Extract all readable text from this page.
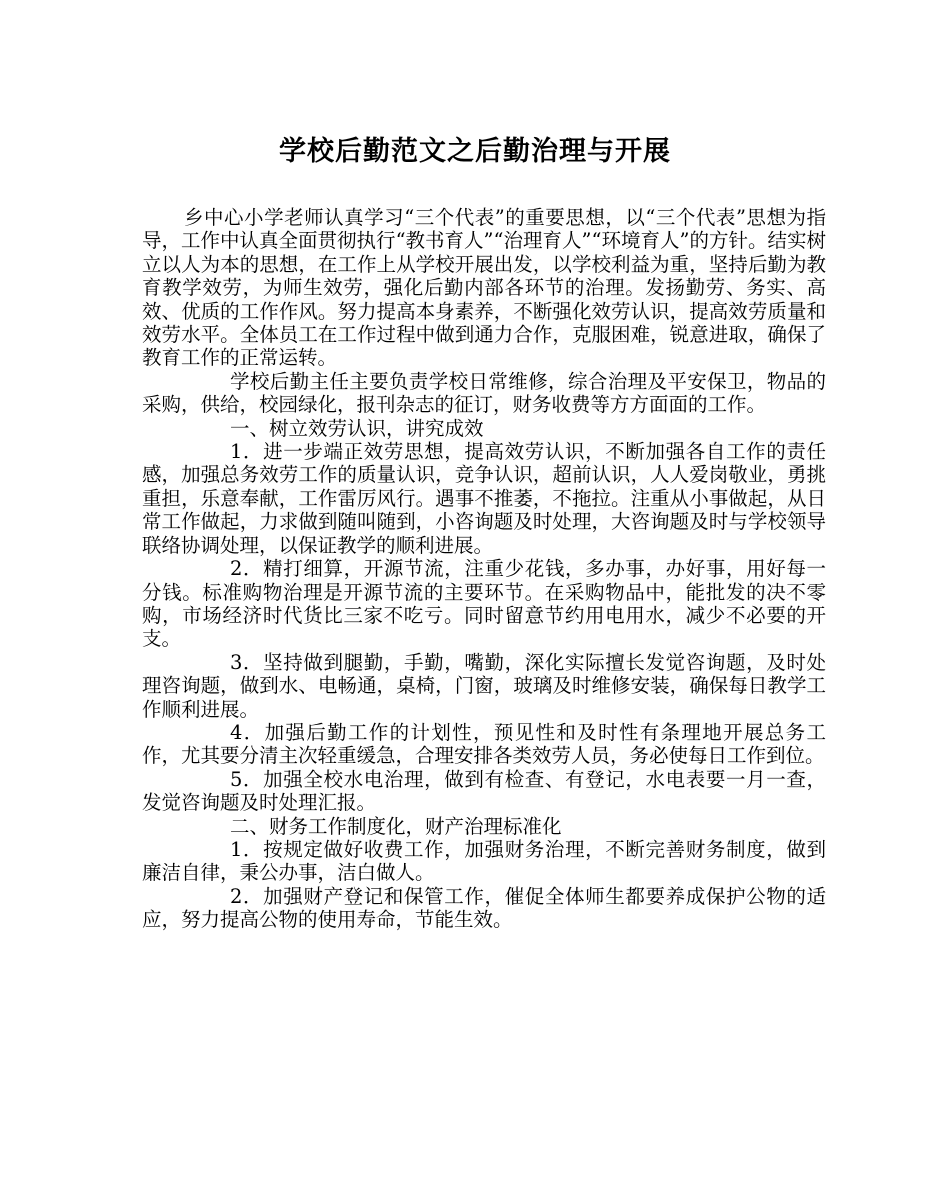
学校后勤范文之后勤治理与开展

乡中心小学老师认真学习“三个代表”的重要思想，以“三个代表”思想为指导，工作中认真全面贯彻执行“教书育人”“治理育人”“环境育人”的方针。结实树立以人为本的思想，在工作上从学校开展出发，以学校利益为重，坚持后勤为教育教学效劳，为师生效劳，强化后勤内部各环节的治理。发扬勤劳、务实、高效、优质的工作作风。努力提高本身素养，不断强化效劳认识，提高效劳质量和效劳水平。全体员工在工作过程中做到通力合作，克服困难，锐意进取，确保了教育工作的正常运转。

学校后勤主任主要负责学校日常维修，综合治理及平安保卫，物品的采购，供给，校园绿化，报刊杂志的征订，财务收费等方方面面的工作。

一、树立效劳认识，讲究成效

1．进一步端正效劳思想，提高效劳认识，不断加强各自工作的责任感，加强总务效劳工作的质量认识，竞争认识，超前认识，人人爱岗敬业，勇挑重担，乐意奉献，工作雷厉风行。遇事不推萎，不拖拉。注重从小事做起，从日常工作做起，力求做到随叫随到，小咨询题及时处理，大咨询题及时与学校领导联络协调处理，以保证教学的顺利进展。

2．精打细算，开源节流，注重少花钱，多办事，办好事，用好每一分钱。标准购物治理是开源节流的主要环节。在采购物品中，能批发的决不零购，市场经济时代货比三家不吃亏。同时留意节约用电用水，减少不必要的开支。

3．坚持做到腿勤，手勤，嘴勤，深化实际擅长发觉咨询题，及时处理咨询题，做到水、电畅通，桌椅，门窗，玻璃及时维修安装，确保每日教学工作顺利进展。

4．加强后勤工作的计划性，预见性和及时性有条理地开展总务工作，尤其要分清主次轻重缓急，合理安排各类效劳人员，务必使每日工作到位。

5．加强全校水电治理，做到有检查、有登记，水电表要一月一查，发觉咨询题及时处理汇报。

二、财务工作制度化，财产治理标准化

1．按规定做好收费工作，加强财务治理，不断完善财务制度，做到廉洁自律，秉公办事，洁白做人。

2．加强财产登记和保管工作，催促全体师生都要养成保护公物的适应，努力提高公物的使用寿命，节能生效。
